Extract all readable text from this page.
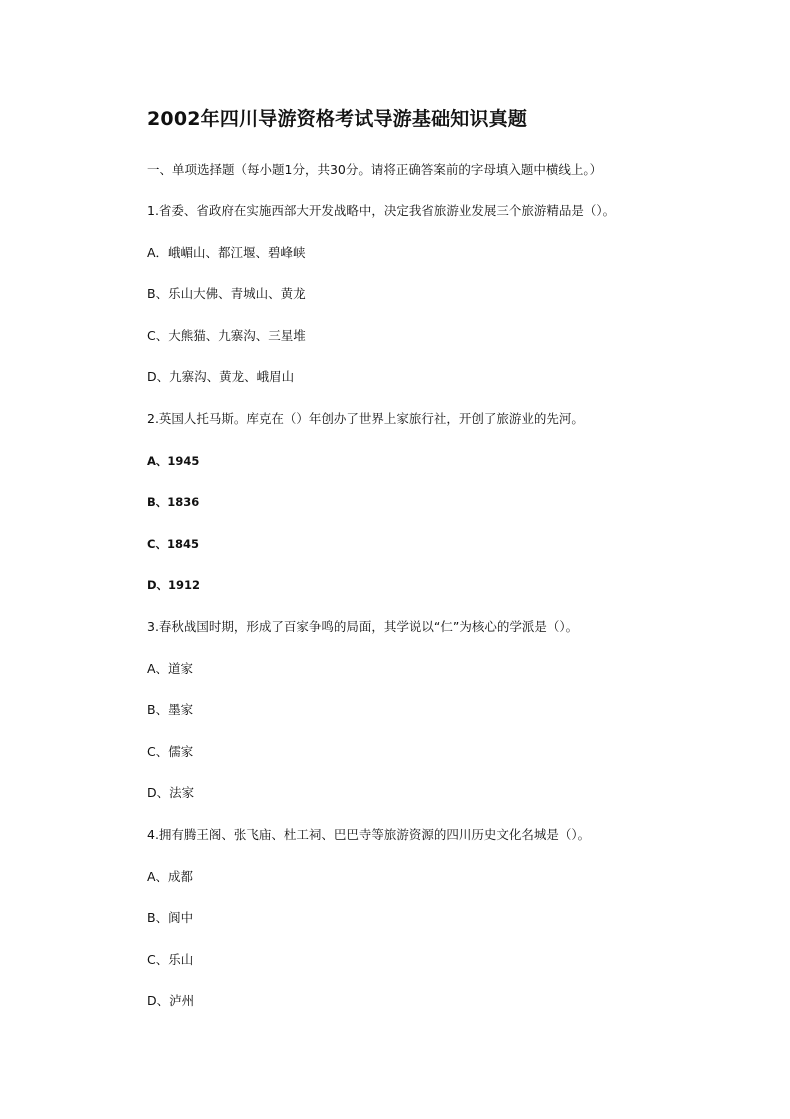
2002年四川导游资格考试导游基础知识真题
一、单项选择题（每小题1分，共30分。请将正确答案前的字母填入题中横线上。）
1.省委、省政府在实施西部大开发战略中，决定我省旅游业发展三个旅游精品是（）。
A．峨嵋山、都江堰、碧峰峡
B、乐山大佛、青城山、黄龙
C、大熊猫、九寨沟、三星堆
D、九寨沟、黄龙、峨眉山
2.英国人托马斯。库克在（）年创办了世界上家旅行社，开创了旅游业的先河。
A、1945
B、1836
C、1845
D、1912
3.春秋战国时期，形成了百家争鸣的局面，其学说以“仁”为核心的学派是（）。
A、道家
B、墨家
C、儒家
D、法家
4.拥有腾王阁、张飞庙、杜工祠、巴巴寺等旅游资源的四川历史文化名城是（）。
A、成都
B、阆中
C、乐山
D、泸州
